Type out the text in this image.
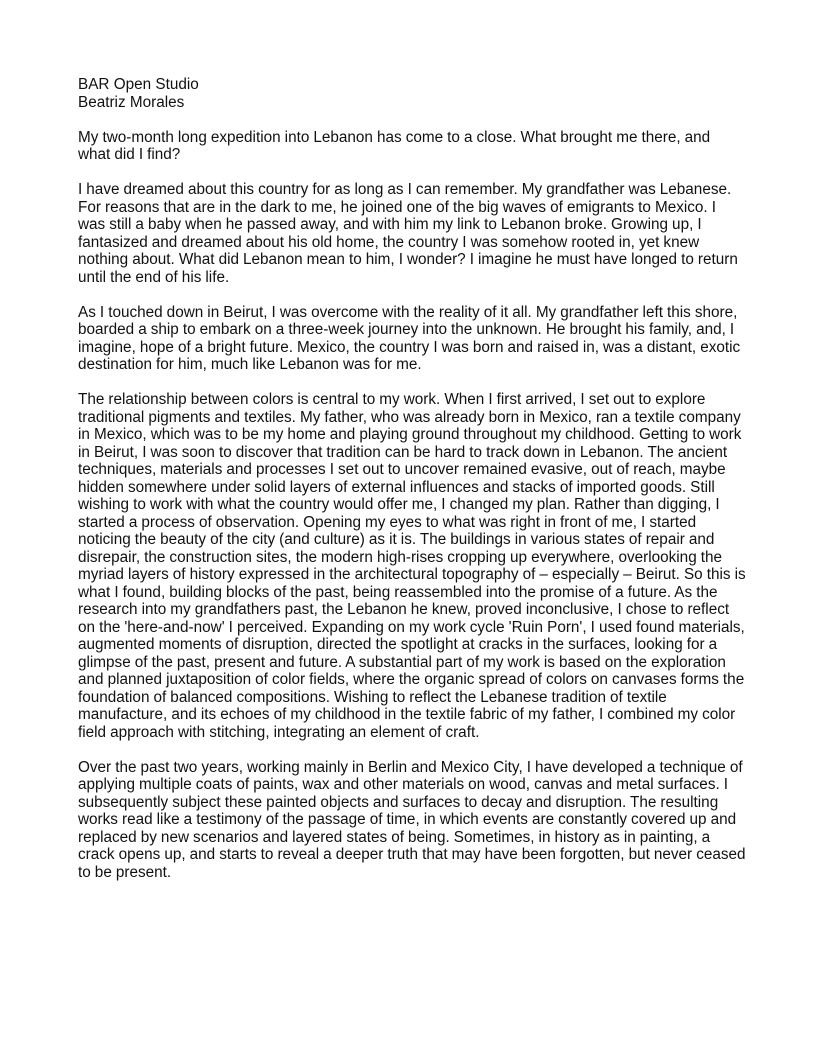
BAR Open Studio
Beatriz Morales

My two-month long expedition into Lebanon has come to a close. What brought me there, and what did I find?

I have dreamed about this country for as long as I can remember. My grandfather was Lebanese. For reasons that are in the dark to me, he joined one of the big waves of emigrants to Mexico. I was still a baby when he passed away, and with him my link to Lebanon broke. Growing up, I fantasized and dreamed about his old home, the country I was somehow rooted in, yet knew nothing about. What did Lebanon mean to him, I wonder? I imagine he must have longed to return until the end of his life.

As I touched down in Beirut, I was overcome with the reality of it all. My grandfather left this shore, boarded a ship to embark on a three-week journey into the unknown. He brought his family, and, I imagine, hope of a bright future. Mexico, the country I was born and raised in, was a distant, exotic destination for him, much like Lebanon was for me.

The relationship between colors is central to my work. When I first arrived, I set out to explore traditional pigments and textiles. My father, who was already born in Mexico, ran a textile company in Mexico, which was to be my home and playing ground throughout my childhood. Getting to work in Beirut, I was soon to discover that tradition can be hard to track down in Lebanon. The ancient techniques, materials and processes I set out to uncover remained evasive, out of reach, maybe hidden somewhere under solid layers of external influences and stacks of imported goods. Still wishing to work with what the country would offer me, I changed my plan. Rather than digging, I started a process of observation. Opening my eyes to what was right in front of me, I started noticing the beauty of the city (and culture) as it is. The buildings in various states of repair and disrepair, the construction sites, the modern high-rises cropping up everywhere, overlooking the myriad layers of history expressed in the architectural topography of – especially – Beirut. So this is what I found, building blocks of the past, being reassembled into the promise of a future. As the research into my grandfathers past, the Lebanon he knew, proved inconclusive, I chose to reflect on the 'here-and-now' I perceived. Expanding on my work cycle 'Ruin Porn', I used found materials, augmented moments of disruption, directed the spotlight at cracks in the surfaces, looking for a glimpse of the past, present and future. A substantial part of my work is based on the exploration and planned juxtaposition of color fields, where the organic spread of colors on canvases forms the foundation of balanced compositions. Wishing to reflect the Lebanese tradition of textile manufacture, and its echoes of my childhood in the textile fabric of my father, I combined my color field approach with stitching, integrating an element of craft.

Over the past two years, working mainly in Berlin and Mexico City, I have developed a technique of applying multiple coats of paints, wax and other materials on wood, canvas and metal surfaces. I subsequently subject these painted objects and surfaces to decay and disruption. The resulting works read like a testimony of the passage of time, in which events are constantly covered up and replaced by new scenarios and layered states of being. Sometimes, in history as in painting, a crack opens up, and starts to reveal a deeper truth that may have been forgotten, but never ceased to be present.
